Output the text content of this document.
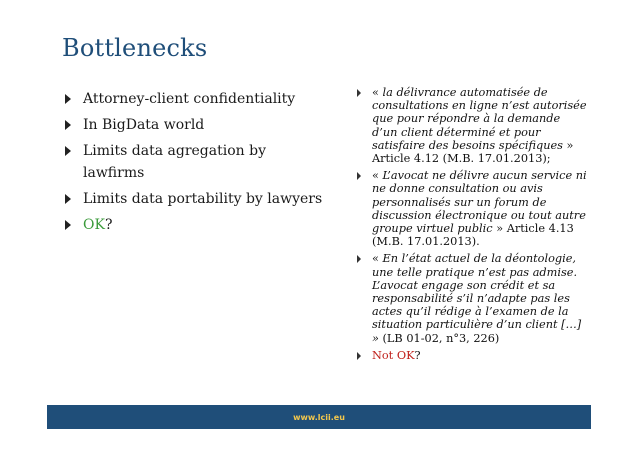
Bottlenecks
Attorney-client confidentiality
In BigData world
Limits data agregation by lawfirms
Limits data portability by lawyers
OK?
« la délivrance automatisée de consultations en ligne n’est autorisée que pour répondre à la demande d’un client déterminé et pour satisfaire des besoins spécifiques » Article 4.12 (M.B. 17.01.2013);
« L’avocat ne délivre aucun service ni ne donne consultation ou avis personnalisés sur un forum de discussion électronique ou tout autre groupe virtuel public » Article 4.13 (M.B. 17.01.2013).
« En l’état actuel de la déontologie, une telle pratique n’est pas admise. L’avocat engage son crédit et sa responsabilité s’il n’adapte pas les actes qu’il rédige à l’examen de la situation particulière d’un client […] » (LB 01-02, n°3, 226)
Not OK?
www.lcii.eu
